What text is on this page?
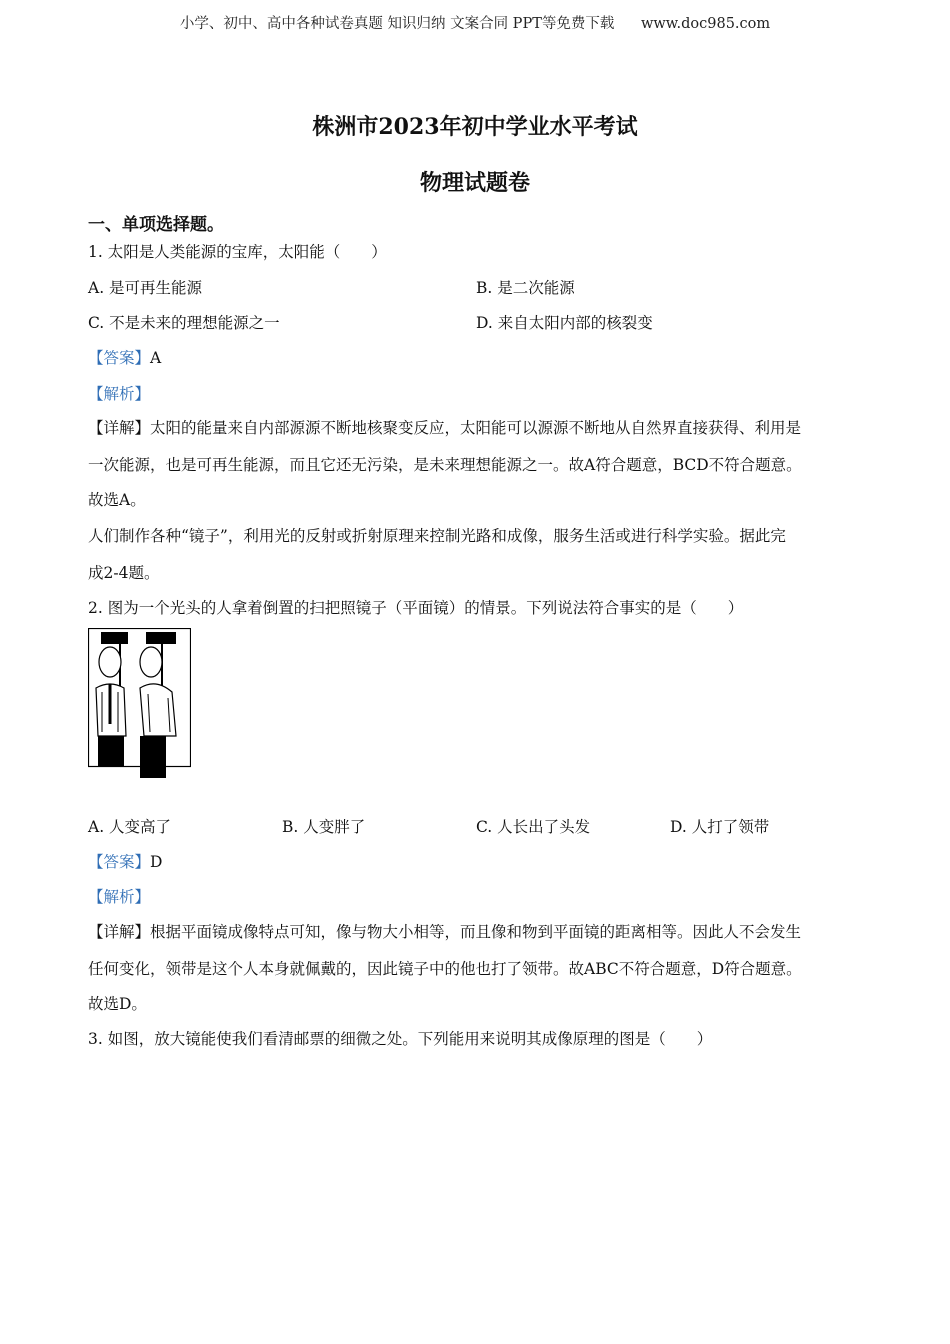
小学、初中、高中各种试卷真题 知识归纳 文案合同 PPT等免费下载 www.doc985.com
株洲市2023年初中学业水平考试
物理试题卷
一、单项选择题。
1. 太阳是人类能源的宝库，太阳能（　　）
A. 是可再生能源	B. 是二次能源
C. 不是未来的理想能源之一	D. 来自太阳内部的核裂变
【答案】A
【解析】
【详解】太阳的能量来自内部源源不断地核聚变反应，太阳能可以源源不断地从自然界直接获得、利用是
一次能源，也是可再生能源，而且它还无污染，是未来理想能源之一。故A符合题意，BCD不符合题意。
故选A。
人们制作各种“镜子”，利用光的反射或折射原理来控制光路和成像，服务生活或进行科学实验。据此完
成2-4题。
2. 图为一个光头的人拿着倒置的扫把照镜子（平面镜）的情景。下列说法符合事实的是（　　）
A. 人变高了	B. 人变胖了	C. 人长出了头发	D. 人打了领带
【答案】D
【解析】
【详解】根据平面镜成像特点可知，像与物大小相等，而且像和物到平面镜的距离相等。因此人不会发生
任何变化，领带是这个人本身就佩戴的，因此镜子中的他也打了领带。故ABC不符合题意，D符合题意。
故选D。
3. 如图，放大镜能使我们看清邮票的细微之处。下列能用来说明其成像原理的图是（　　）
